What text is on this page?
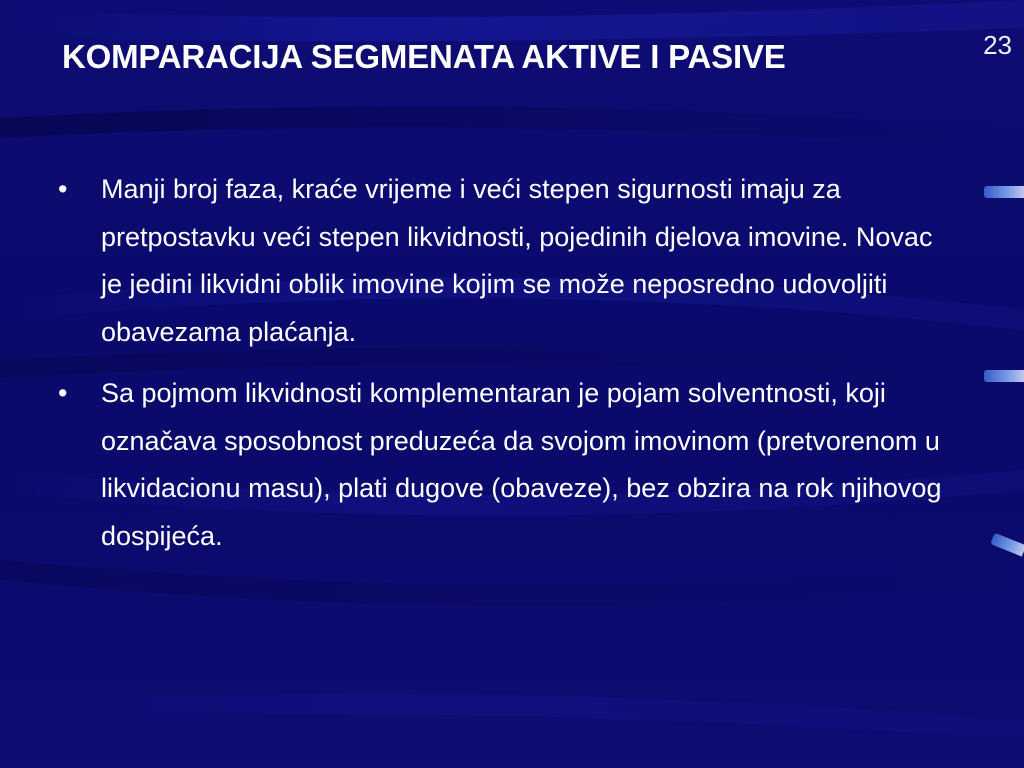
23
KOMPARACIJA SEGMENATA AKTIVE I PASIVE
• Manji broj faza, kraće vrijeme i veći stepen sigurnosti imaju za pretpostavku veći stepen likvidnosti, pojedinih djelova imovine. Novac je jedini likvidni oblik imovine kojim se može neposredno udovoljiti obavezama plaćanja.
• Sa pojmom likvidnosti komplementaran je pojam solventnosti, koji označava sposobnost preduzeća da svojom imovinom (pretvorenom u likvidacionu masu), plati dugove (obaveze), bez obzira na rok njihovog dospijeća.
